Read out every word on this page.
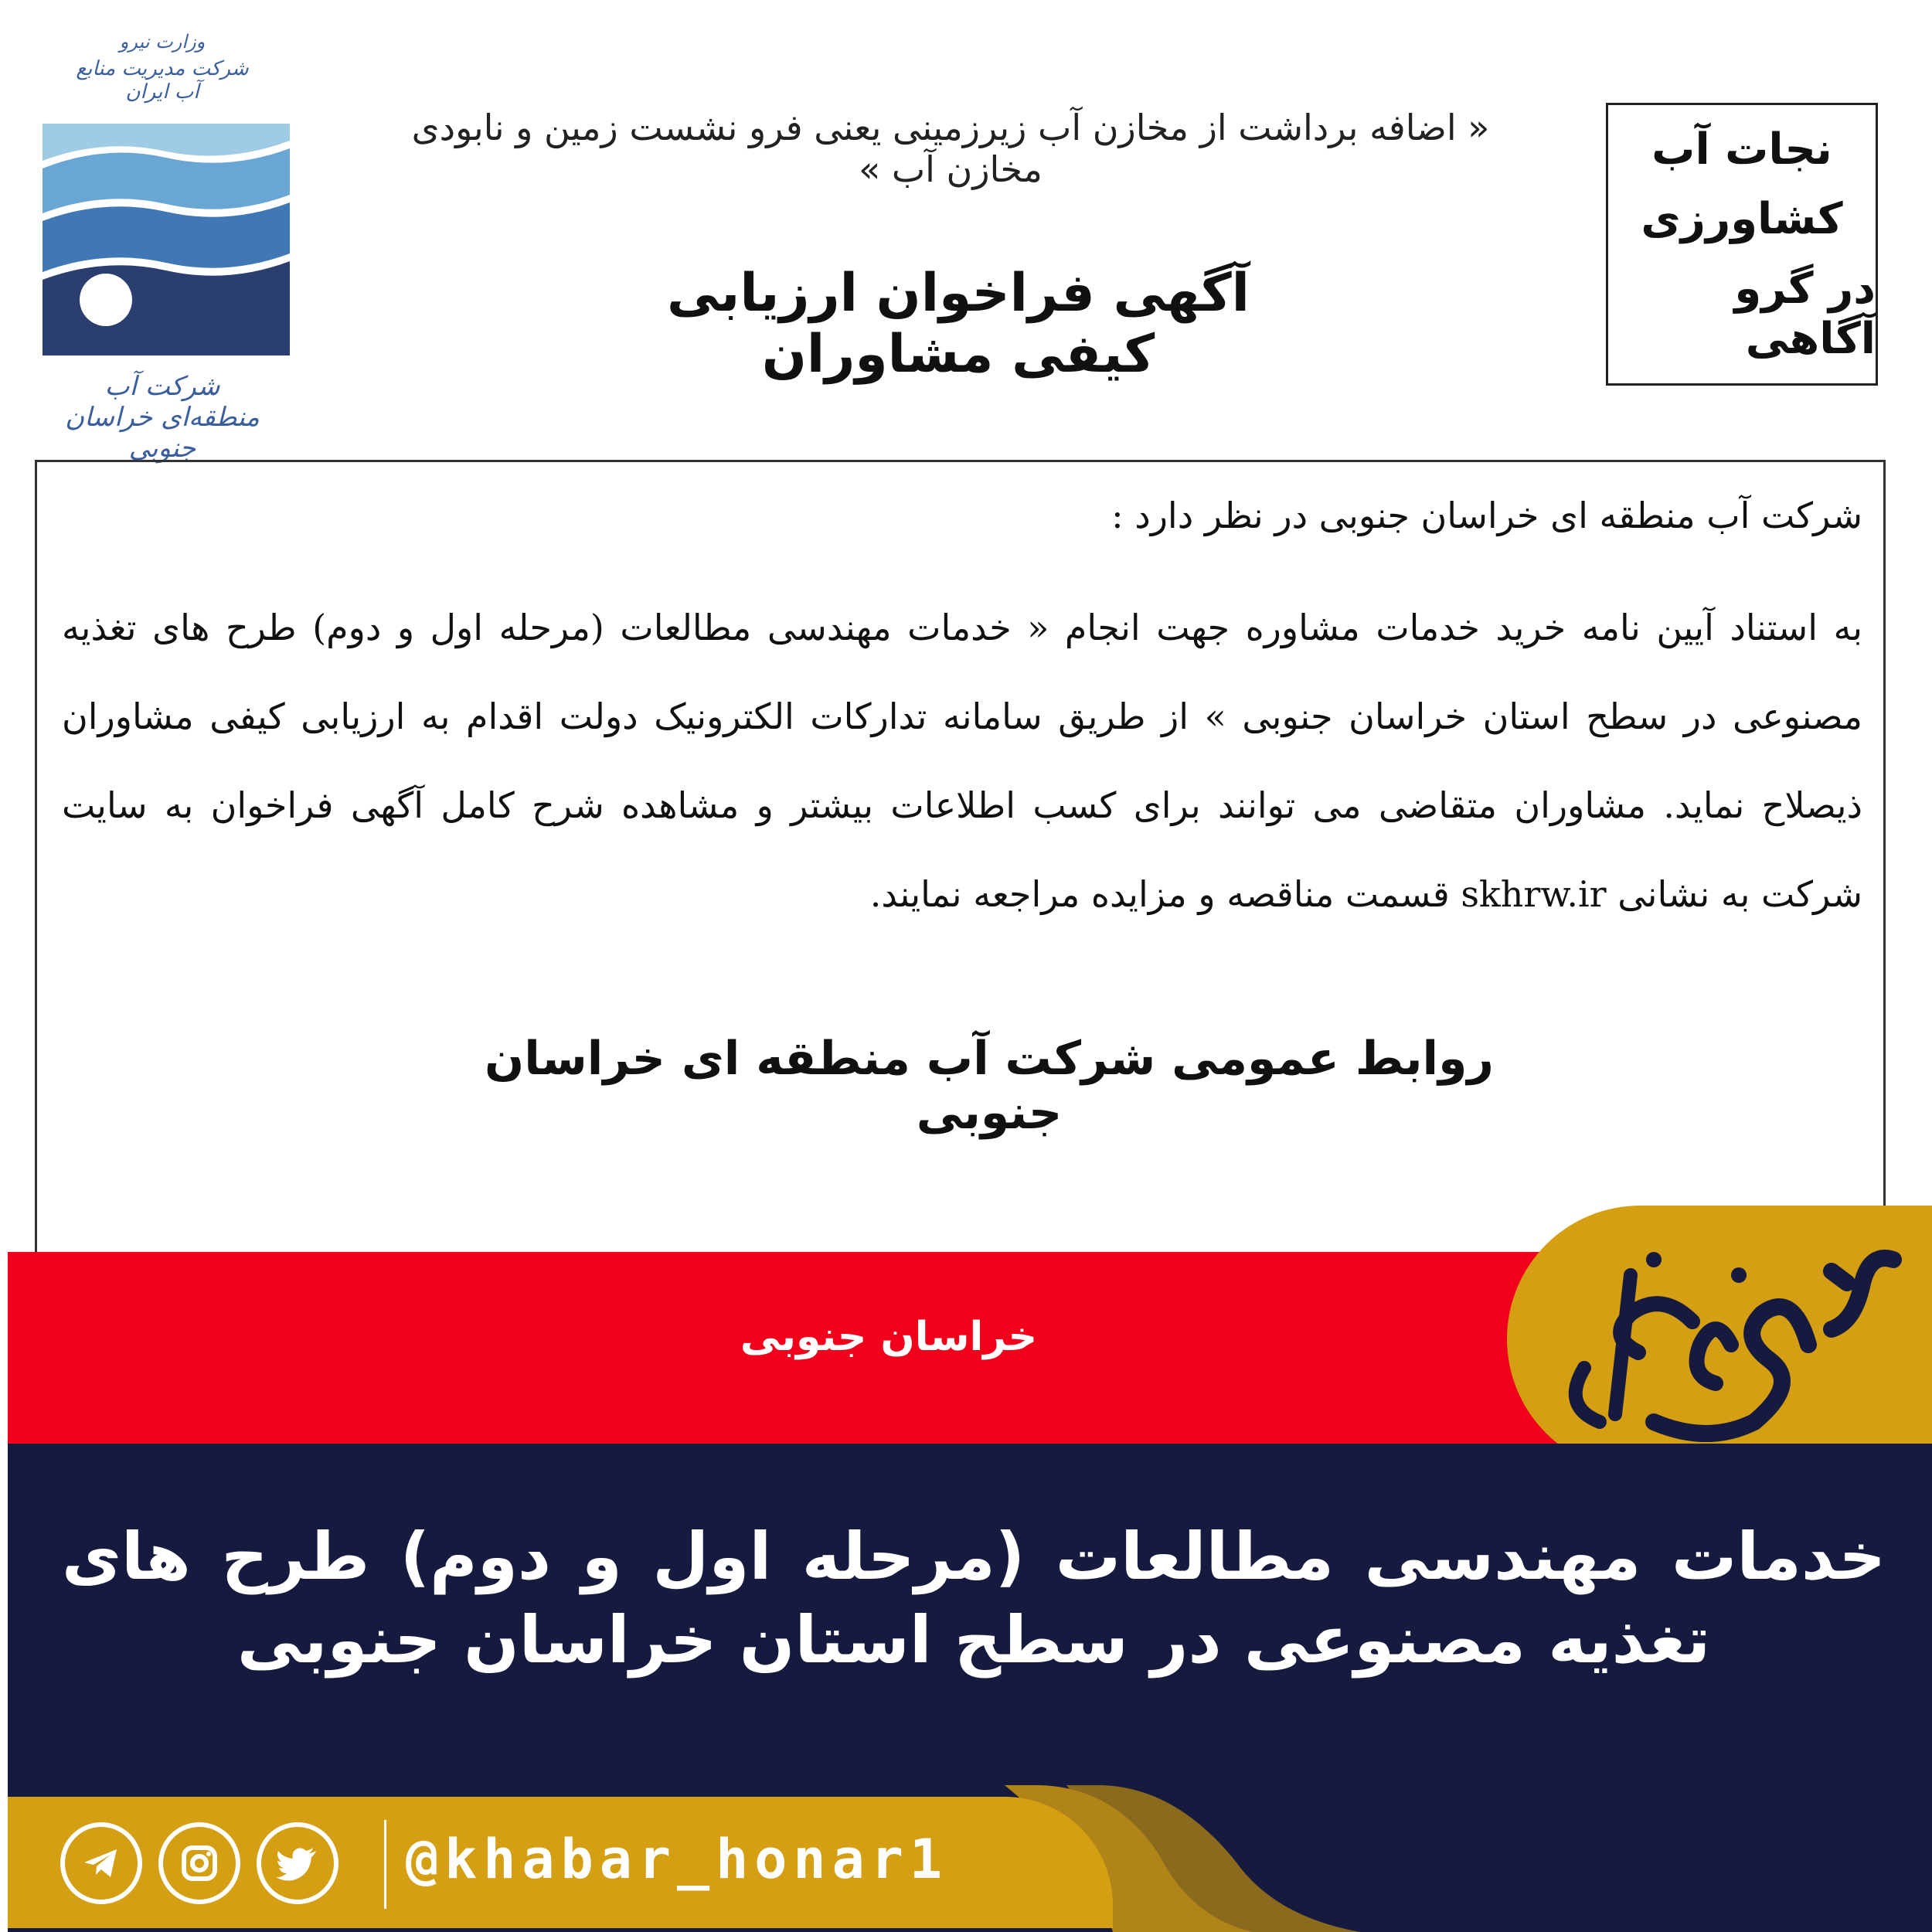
وزارت نیرو
شرکت مدیریت منابع آب ایران
شرکت آب منطقه‌ای خراسان جنوبی
« اضافه برداشت از مخازن آب زیرزمینی یعنی فرو نشست زمین و نابودی مخازن آب »
آگهی فراخوان ارزیابی کیفی مشاوران
نجات آب
کشاورزی
در گرو آگاهی
شرکت آب منطقه ای خراسان جنوبی در نظر دارد :
به استناد آیین نامه خرید خدمات مشاوره جهت انجام « خدمات مهندسی مطالعات (مرحله اول و دوم) طرح های تغذیه مصنوعی در سطح استان خراسان جنوبی » از طریق سامانه تدارکات الکترونیک دولت اقدام به ارزیابی کیفی مشاوران ذیصلاح نماید. مشاوران متقاضی می توانند برای کسب اطلاعات بیشتر و مشاهده شرح کامل آگهی فراخوان به سایت شرکت به نشانی skhrw.ir قسمت مناقصه و مزایده مراجعه نمایند.
روابط عمومی شرکت آب منطقه ای خراسان جنوبی
خراسان جنوبی
خدمات مهندسی مطالعات (مرحله اول و دوم) طرح های تغذیه مصنوعی در سطح استان خراسان جنوبی
@khabar_honar1
